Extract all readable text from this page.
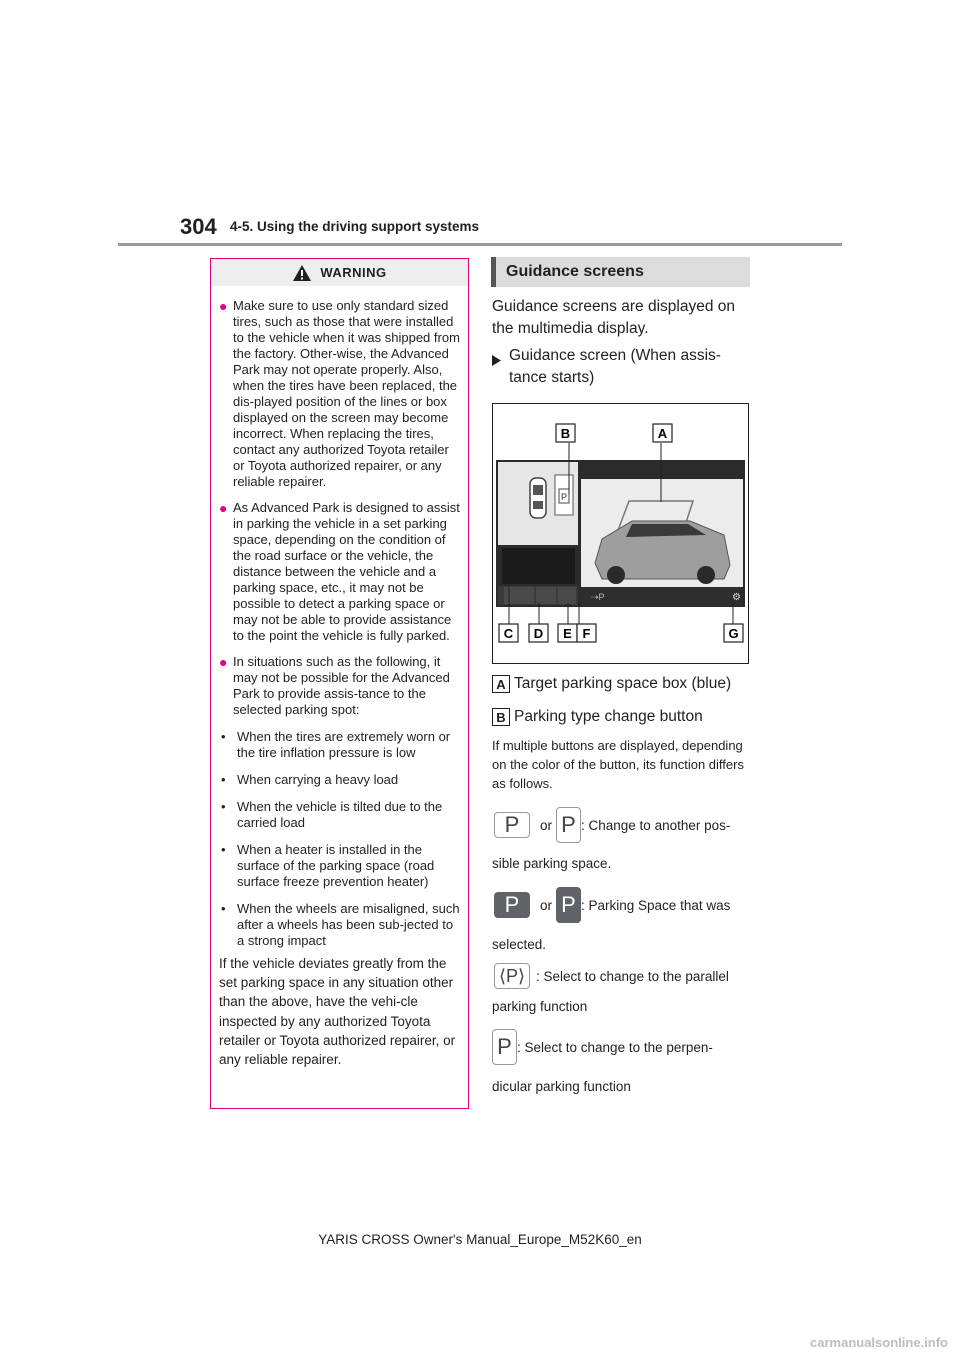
304 4-5. Using the driving support systems
WARNING
● Make sure to use only standard sized tires, such as those that were installed to the vehicle when it was shipped from the factory. Other-wise, the Advanced Park may not operate properly. Also, when the tires have been replaced, the dis-played position of the lines or box displayed on the screen may become incorrect. When replacing the tires, contact any authorized Toyota retailer or Toyota authorized repairer, or any reliable repairer.
● As Advanced Park is designed to assist in parking the vehicle in a set parking space, depending on the condition of the road surface or the vehicle, the distance between the vehicle and a parking space, etc., it may not be possible to detect a parking space or may not be able to provide assistance to the point the vehicle is fully parked.
● In situations such as the following, it may not be possible for the Advanced Park to provide assis-tance to the selected parking spot:
• When the tires are extremely worn or the tire inflation pressure is low
• When carrying a heavy load
• When the vehicle is tilted due to the carried load
• When a heater is installed in the surface of the parking space (road surface freeze prevention heater)
• When the wheels are misaligned, such after a wheels has been sub-jected to a strong impact
If the vehicle deviates greatly from the set parking space in any situation other than the above, have the vehi-cle inspected by any authorized Toyota retailer or Toyota authorized repairer, or any reliable repairer.
Guidance screens
Guidance screens are displayed on the multimedia display.
Guidance screen (When assis-tance starts)
P
⇢P	⚙
B	A
C D E F	G
A Target parking space box (blue)
B Parking type change button
If multiple buttons are displayed, depending on the color of the button, its function differs as follows.
P or P : Change to another pos-
sible parking space.
P or P : Parking Space that was
selected.
⟨ P ⟩ : Select to change to the parallel
parking function
P : Select to change to the perpen-
dicular parking function
YARIS CROSS Owner's Manual_Europe_M52K60_en
carmanualsonline.info
